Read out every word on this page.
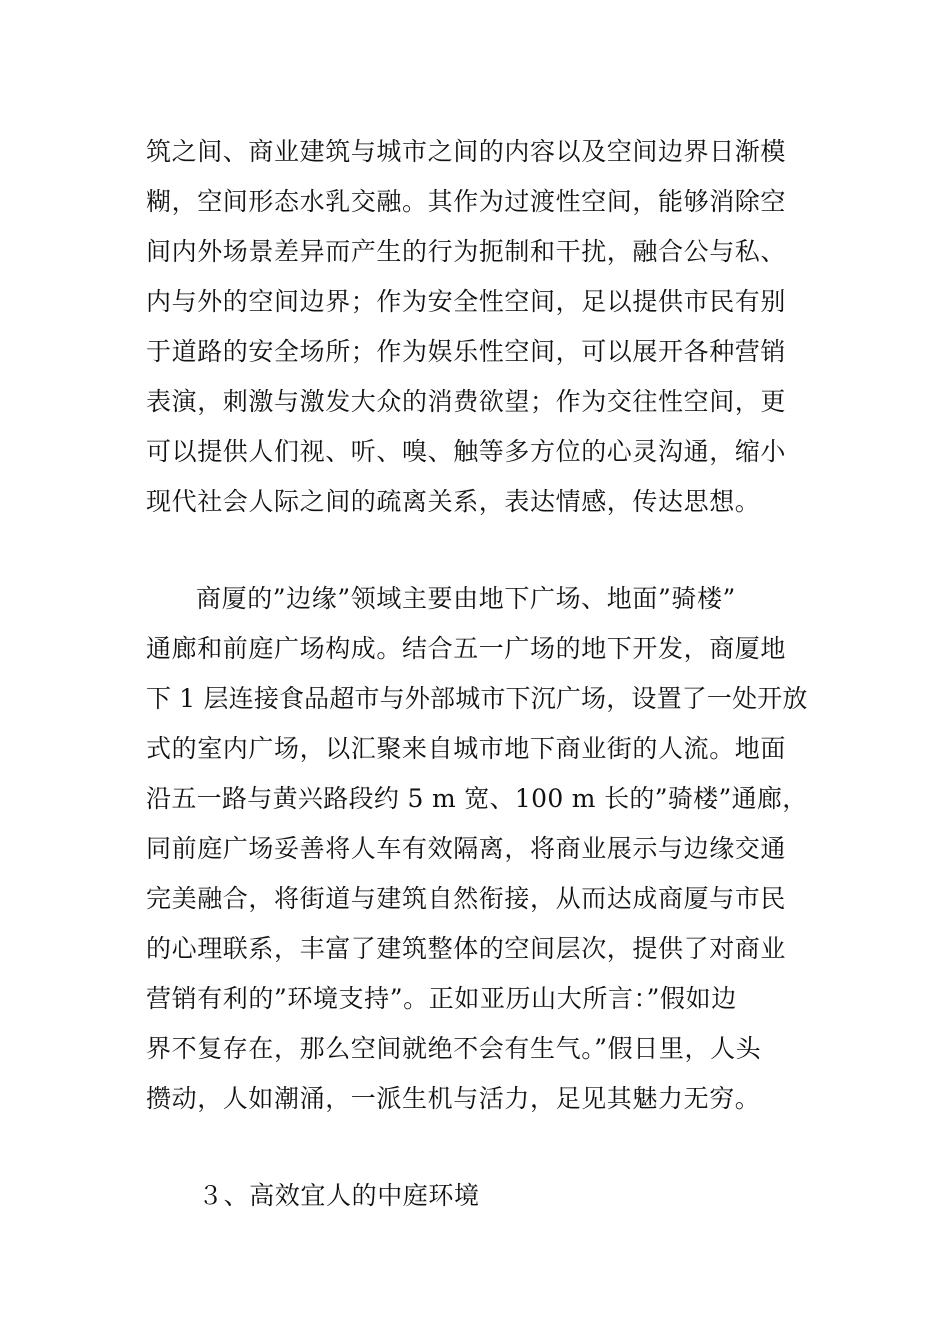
筑之间、商业建筑与城市之间的内容以及空间边界日渐模
糊，空间形态水乳交融。其作为过渡性空间，能够消除空
间内外场景差异而产生的行为扼制和干扰，融合公与私、
内与外的空间边界；作为安全性空间，足以提供市民有别
于道路的安全场所；作为娱乐性空间，可以展开各种营销
表演，刺激与激发大众的消费欲望；作为交往性空间，更
可以提供人们视、听、嗅、触等多方位的心灵沟通，缩小
现代社会人际之间的疏离关系，表达情感，传达思想。
商厦的”边缘”领域主要由地下广场、地面”骑楼”
通廊和前庭广场构成。结合五一广场的地下开发，商厦地
下 1 层连接食品超市与外部城市下沉广场，设置了一处开放
式的室内广场，以汇聚来自城市地下商业街的人流。地面
沿五一路与黄兴路段约 5 m 宽、100 m 长的”骑楼”通廊，
同前庭广场妥善将人车有效隔离，将商业展示与边缘交通
完美融合，将街道与建筑自然衔接，从而达成商厦与市民
的心理联系，丰富了建筑整体的空间层次，提供了对商业
营销有利的”环境支持”。正如亚历山大所言：”假如边
界不复存在，那么空间就绝不会有生气。”假日里，人头
攒动，人如潮涌，一派生机与活力，足见其魅力无穷。
３、高效宜人的中庭环境
